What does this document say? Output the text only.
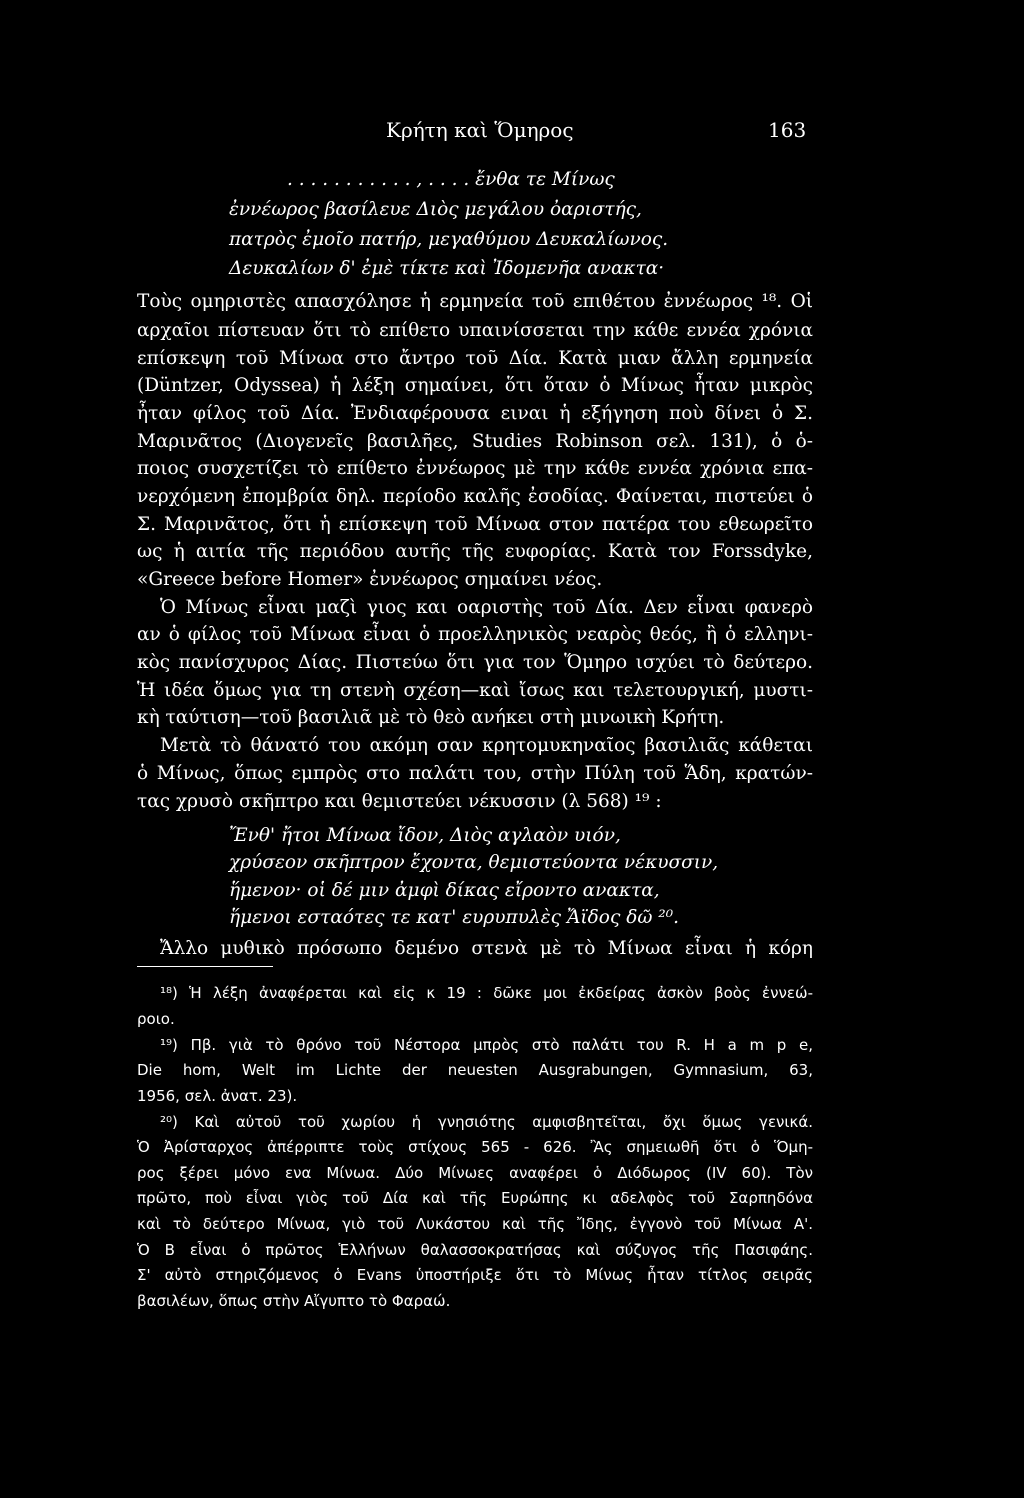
Κρήτη καὶ Ὅμηρος	163
. . . . . . . . . . . , . . . . ἔνθα τε Μίνως
ἐννέωρος βασίλευε Διὸς μεγάλου ὀαριστής,
πατρὸς ἐμοῖο πατήρ, μεγαθύμου Δευκαλίωνος.
Δευκαλίων δ' ἐμὲ τίκτε καὶ Ἰδομενῆα ανακτα·
Τοὺς ομηριστὲς απασχόλησε ἡ ερμηνεία τοῦ επιθέτου ἐννέωρος ¹⁸. Οἱ
αρχαῖοι πίστευαν ὅτι τὸ επίθετο υπαινίσσεται την κάθε εννέα χρόνια
επίσκεψη τοῦ Μίνωα στο ἄντρο τοῦ Δία. Κατὰ μιαν ἄλλη ερμηνεία
(Düntzer, Odyssea) ἡ λέξη σημαίνει, ὅτι ὅταν ὁ Μίνως ἦταν μικρὸς
ἦταν φίλος τοῦ Δία. Ἐνδιαφέρουσα ειναι ἡ εξήγηση ποὺ δίνει ὁ Σ.
Μαρινᾶτος (Διογενεῖς βασιλῆες, Studies Robinson σελ. 131), ὁ ὁ-
ποιος συσχετίζει τὸ επίθετο ἐννέωρος μὲ την κάθε εννέα χρόνια επα-
νερχόμενη ἐπομβρία δηλ. περίοδο καλῆς ἐσοδίας. Φαίνεται, πιστεύει ὁ
Σ. Μαρινᾶτος, ὅτι ἡ επίσκεψη τοῦ Μίνωα στον πατέρα του εθεωρεῖτο
ως ἡ αιτία τῆς περιόδου αυτῆς τῆς ευφορίας. Κατὰ τον Forssdyke,
«Greece before Homer» ἐννέωρος σημαίνει νέος.
Ὁ Μίνως εἶναι μαζὶ γιος και οαριστὴς τοῦ Δία. Δεν εἶναι φανερὸ
αν ὁ φίλος τοῦ Μίνωα εἶναι ὁ προελληνικὸς νεαρὸς θεός, ἢ ὁ ελληνι-
κὸς πανίσχυρος Δίας. Πιστεύω ὅτι για τον Ὅμηρο ισχύει τὸ δεύτερο.
Ἡ ιδέα ὅμως για τη στενὴ σχέση—καὶ ἴσως και τελετουργική, μυστι-
κὴ ταύτιση—τοῦ βασιλιᾶ μὲ τὸ θεὸ ανήκει στὴ μινωικὴ Κρήτη.
Μετὰ τὸ θάνατό του ακόμη σαν κρητομυκηναῖος βασιλιᾶς κάθεται
ὁ Μίνως, ὅπως εμπρὸς στο παλάτι του, στὴν Πύλη τοῦ Ἅδη, κρατών-
τας χρυσὸ σκῆπτρο και θεμιστεύει νέκυσσιν (λ 568) ¹⁹ :
Ἔνθ' ἤτοι Μίνωα ἴδον, Διὸς αγλαὸν υιόν,
χρύσεον σκῆπτρον ἔχοντα, θεμιστεύοντα νέκυσσιν,
ἥμενον· οἱ δέ μιν ἀμφὶ δίκας εἴροντο ανακτα,
ἥμενοι εσταότες τε κατ' ευρυπυλὲς Ἄϊδος δῶ ²⁰.
Ἄλλο μυθικὸ πρόσωπο δεμένο στενὰ μὲ τὸ Μίνωα εἶναι ἡ κόρη
¹⁸) Ἡ λέξη ἀναφέρεται καὶ εἰς κ 19 : δῶκε μοι ἐκδείρας ἀσκὸν βοὸς ἐννεώ-
ροιο.
¹⁹) Πβ. γιὰ τὸ θρόνο τοῦ Νέστορα μπρὸς στὸ παλάτι του R. H a m p e,
Die hom, Welt im Lichte der neuesten Ausgrabungen, Gymnasium, 63,
1956, σελ. ἀνατ. 23).
²⁰) Καὶ αὐτοῦ τοῦ χωρίου ἡ γνησιότης αμφισβητεῖται, ὄχι ὅμως γενικά.
Ὁ Ἀρίσταρχος ἀπέρριπτε τοὺς στίχους 565 - 626. Ἂς σημειωθῆ ὅτι ὁ Ὅμη-
ρος ξέρει μόνο ενα Μίνωα. Δύο Μίνωες αναφέρει ὁ Διόδωρος (IV 60). Τὸν
πρῶτο, ποὺ εἶναι γιὸς τοῦ Δία καὶ τῆς Ευρώπης κι αδελφὸς τοῦ Σαρπηδόνα
καὶ τὸ δεύτερο Μίνωα, γιὸ τοῦ Λυκάστου καὶ τῆς Ἴδης, ἐγγονὸ τοῦ Μίνωα Α'.
Ὁ Β εἶναι ὁ πρῶτος Ἑλλήνων θαλασσοκρατήσας καὶ σύζυγος τῆς Πασιφάης.
Σ' αὐτὸ στηριζόμενος ὁ Evans ὑποστήριξε ὅτι τὸ Μίνως ἦταν τίτλος σειρᾶς
βασιλέων, ὅπως στὴν Αἴγυπτο τὸ Φαραώ.
